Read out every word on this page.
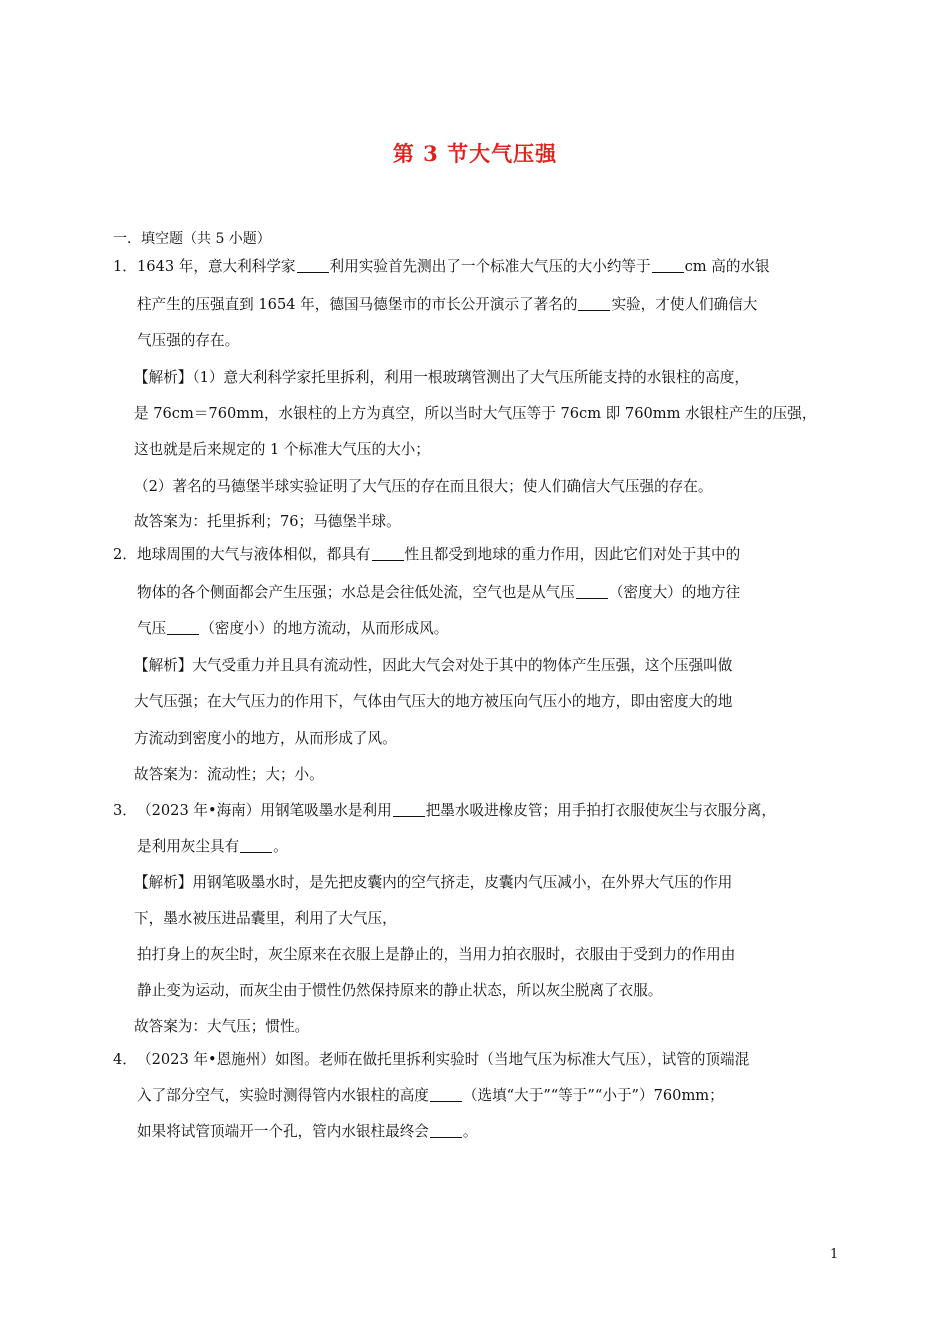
第 3 节大气压强
一．填空题（共 5 小题）
1．1643 年，意大利科学家 利用实验首先测出了一个标准大气压的大小约等于 cm 高的水银
柱产生的压强直到 1654 年，德国马德堡市的市长公开演示了著名的 实验，才使人们确信大
气压强的存在。
【解析】（1）意大利科学家托里拆利，利用一根玻璃管测出了大气压所能支持的水银柱的高度，
是 76cm＝760mm，水银柱的上方为真空，所以当时大气压等于 76cm 即 760mm 水银柱产生的压强，
这也就是后来规定的 1 个标准大气压的大小；
（2）著名的马德堡半球实验证明了大气压的存在而且很大；使人们确信大气压强的存在。
故答案为：托里拆利；76；马德堡半球。
2．地球周围的大气与液体相似，都具有 性且都受到地球的重力作用，因此它们对处于其中的
物体的各个侧面都会产生压强；水总是会往低处流，空气也是从气压 （密度大）的地方往
气压 （密度小）的地方流动，从而形成风。
【解析】大气受重力并且具有流动性，因此大气会对处于其中的物体产生压强，这个压强叫做
大气压强；在大气压力的作用下，气体由气压大的地方被压向气压小的地方，即由密度大的地
方流动到密度小的地方，从而形成了风。
故答案为：流动性；大；小。
3．（2023 年•海南）用钢笔吸墨水是利用 把墨水吸进橡皮管；用手拍打衣服使灰尘与衣服分离，
是利用灰尘具有 。
【解析】用钢笔吸墨水时，是先把皮囊内的空气挤走，皮囊内气压减小，在外界大气压的作用
下，墨水被压进品囊里，利用了大气压，
拍打身上的灰尘时，灰尘原来在衣服上是静止的，当用力拍衣服时，衣服由于受到力的作用由
静止变为运动，而灰尘由于惯性仍然保持原来的静止状态，所以灰尘脱离了衣服。
故答案为：大气压；惯性。
4．（2023 年•恩施州）如图。老师在做托里拆利实验时（当地气压为标准大气压），试管的顶端混
入了部分空气，实验时测得管内水银柱的高度 （选填“大于”“等于”“小于”）760mm；
如果将试管顶端开一个孔，管内水银柱最终会 。
1
